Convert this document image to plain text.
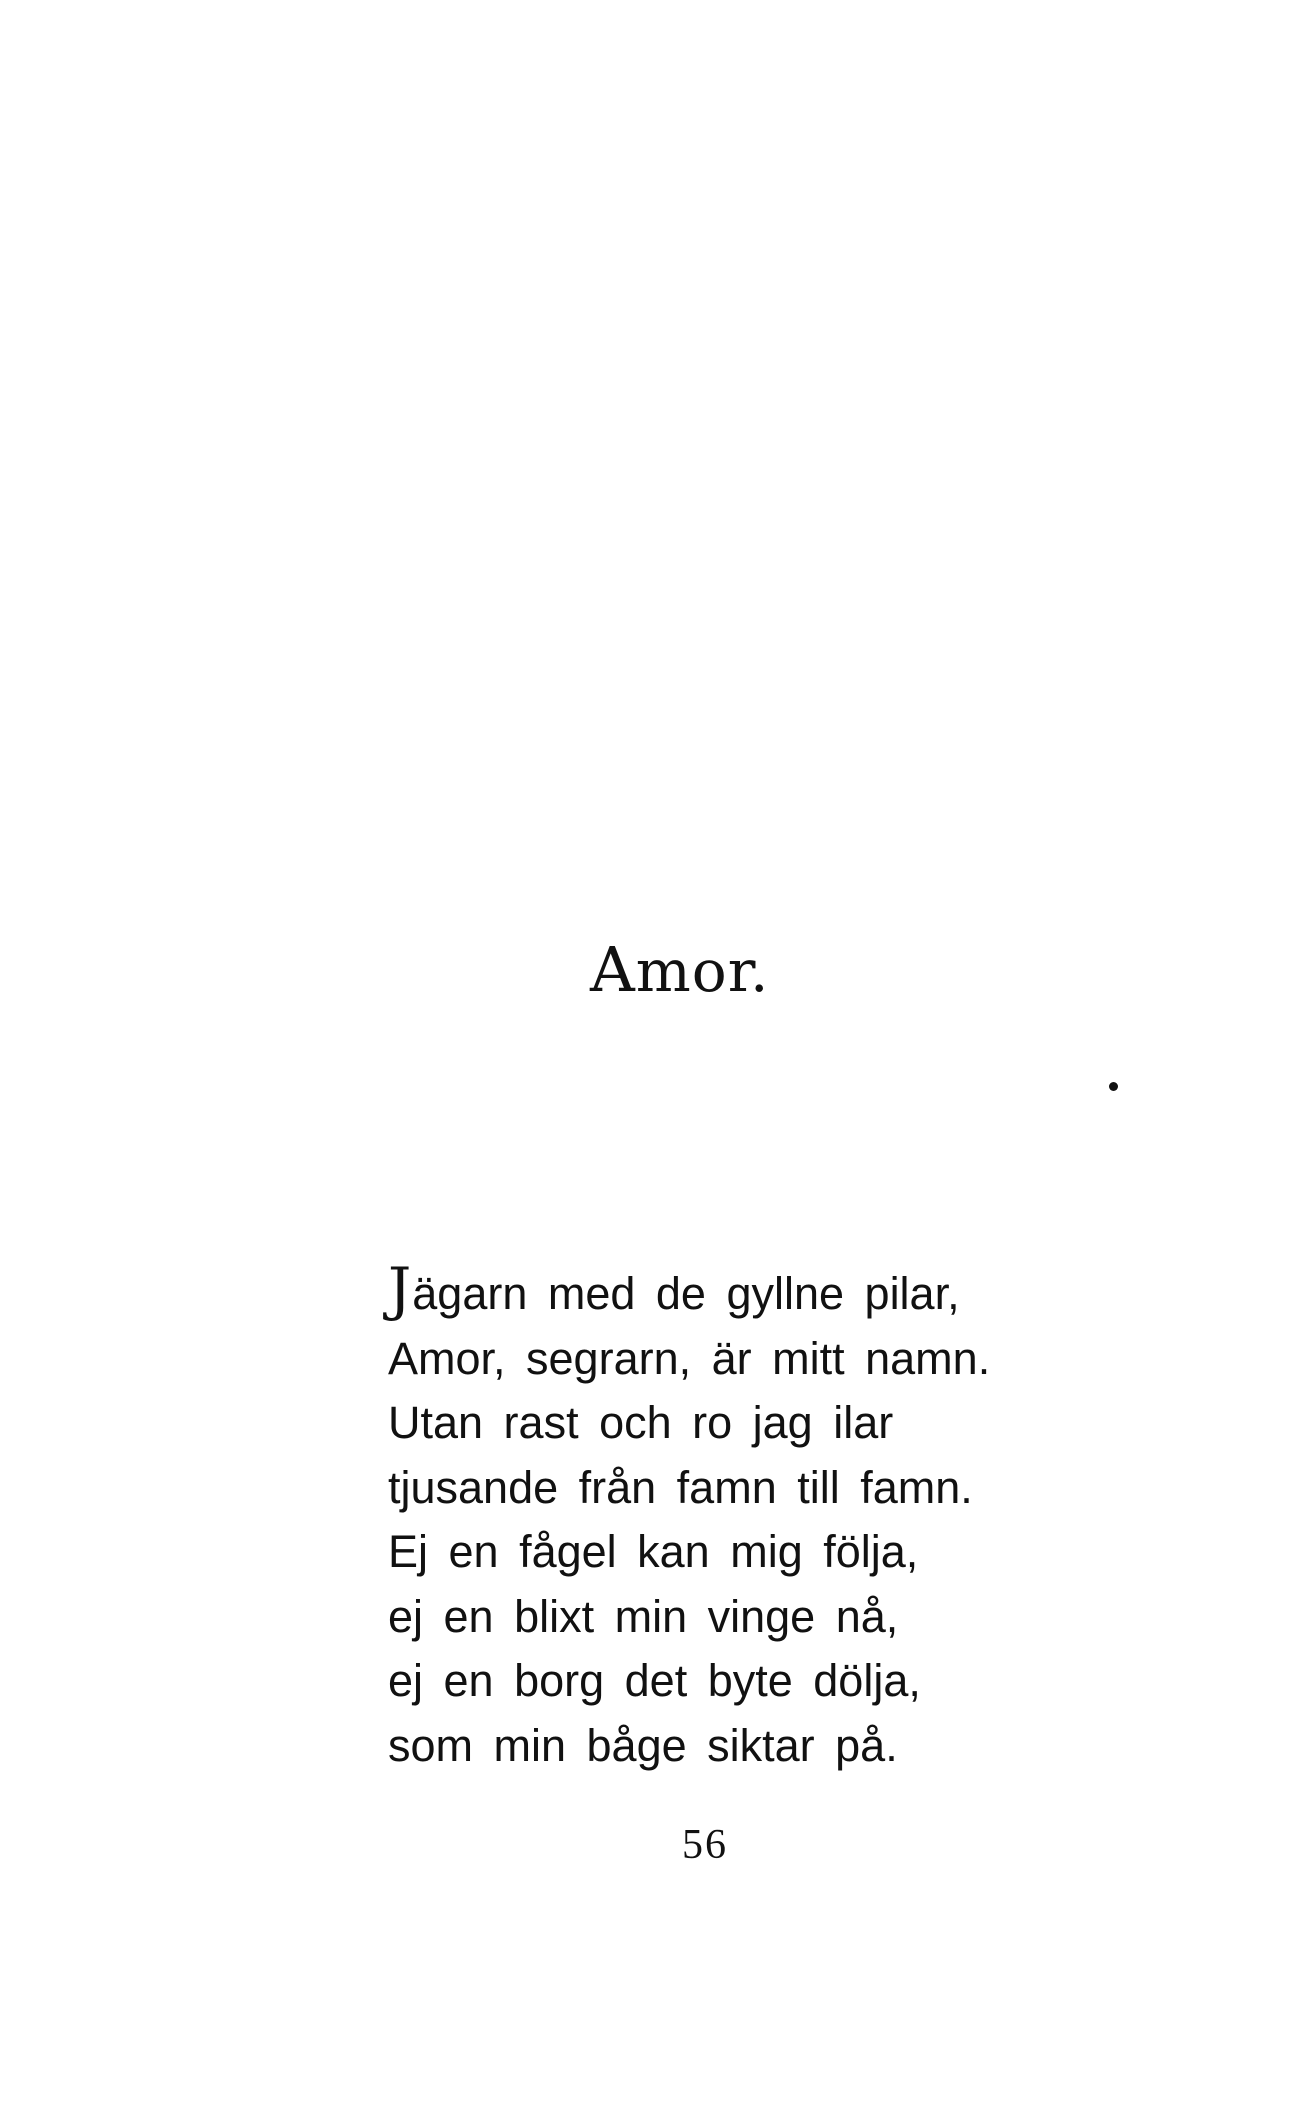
Amor.
Jägarn med de gyllne pilar,
Amor, segrarn, är mitt namn.
Utan rast och ro jag ilar
tjusande från famn till famn.
Ej en fågel kan mig följa,
ej en blixt min vinge nå,
ej en borg det byte dölja,
som min båge siktar på.
56
